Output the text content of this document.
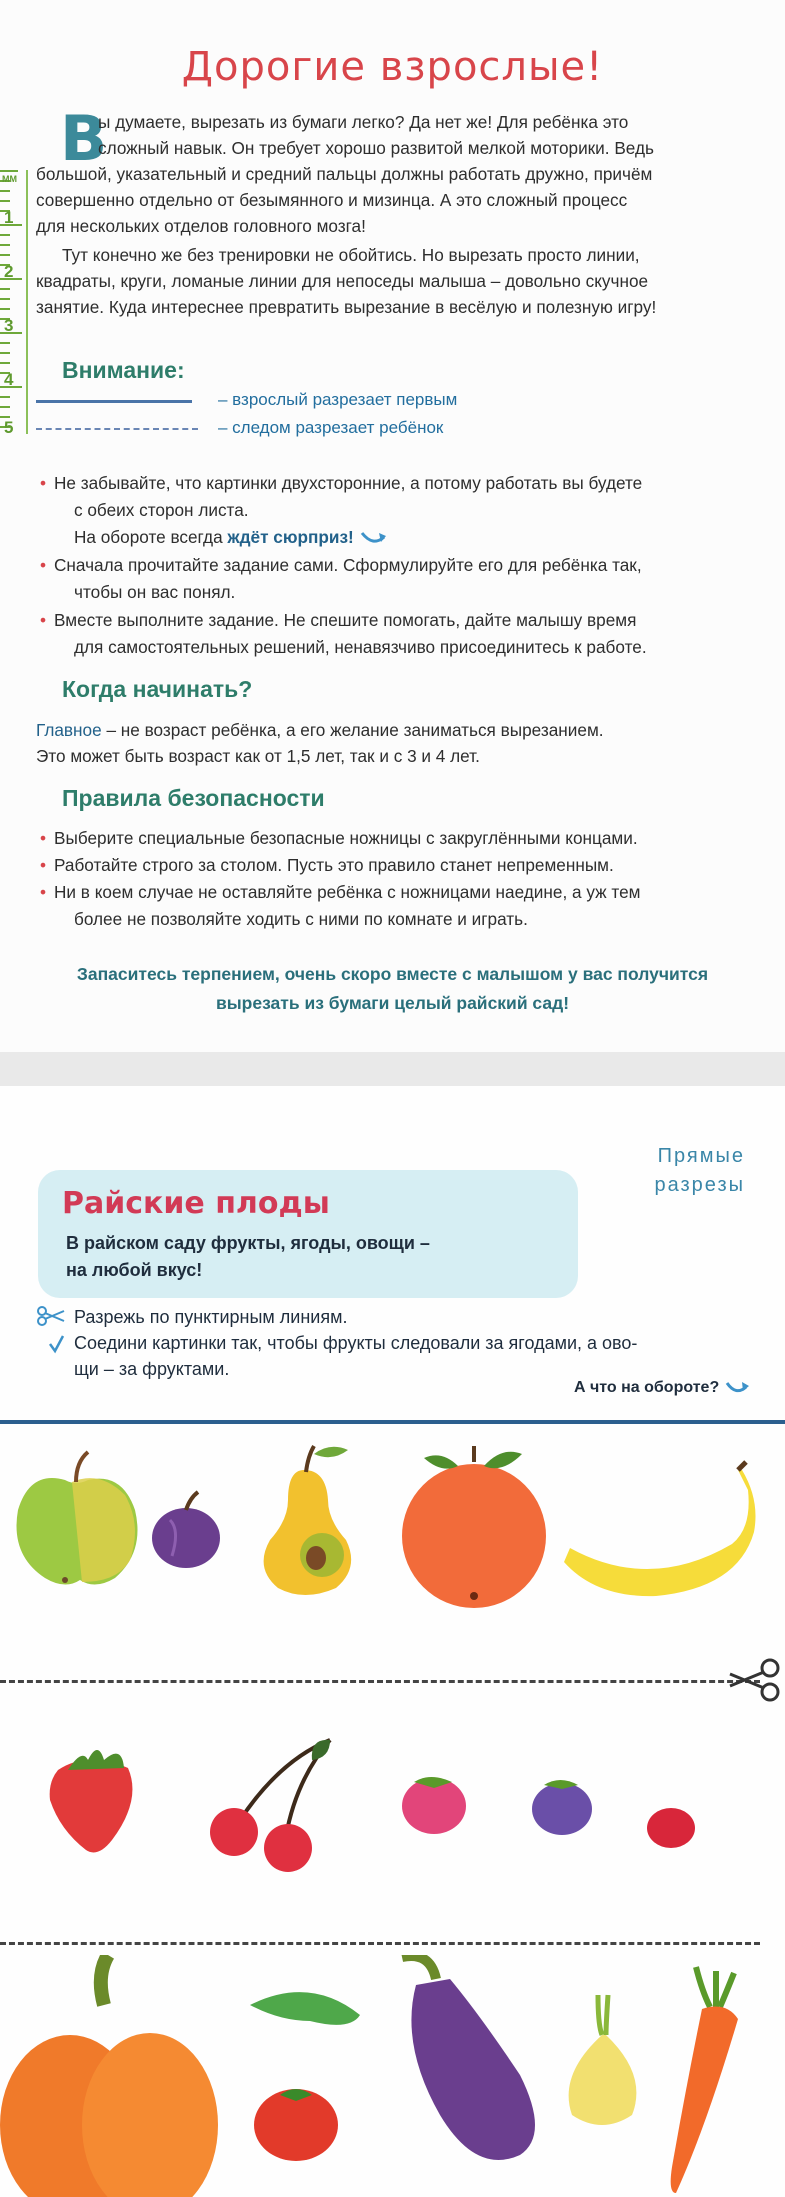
Дорогие взрослые!
В
ы думаете, вырезать из бумаги легко? Да нет же! Для ребёнка это
сложный навык. Он требует хорошо развитой мелкой моторики. Ведь
большой, указательный и средний пальцы должны работать дружно, причём
совершенно отдельно от безымянного и мизинца. А это сложный процесс
для нескольких отделов головного мозга!
Тут конечно же без тренировки не обойтись. Но вырезать просто линии,
квадраты, круги, ломаные линии для непоседы малыша – довольно скучное
занятие. Куда интереснее превратить вырезание в весёлую и полезную игру!
ММ
1
2
3
4
5
Внимание:
– взрослый разрезает первым
– следом разрезает ребёнок
• Не забывайте, что картинки двухсторонние, а потому работать вы будете
с обеих сторон листа.
На обороте всегда ждёт сюрприз!
• Сначала прочитайте задание сами. Сформулируйте его для ребёнка так,
чтобы он вас понял.
• Вместе выполните задание. Не спешите помогать, дайте малышу время
для самостоятельных решений, ненавязчиво присоединитесь к работе.
Когда начинать?
Главное – не возраст ребёнка, а его желание заниматься вырезанием.
Это может быть возраст как от 1,5 лет, так и с 3 и 4 лет.
Правила безопасности
• Выберите специальные безопасные ножницы с закруглёнными концами.
• Работайте строго за столом. Пусть это правило станет непременным.
• Ни в коем случае не оставляйте ребёнка с ножницами наедине, а уж тем
более не позволяйте ходить с ними по комнате и играть.
Запаситесь терпением, очень скоро вместе с малышом у вас получится
вырезать из бумаги целый райский сад!
Прямые
разрезы
Райские плоды
В райском саду фрукты, ягоды, овощи –
на любой вкус!
Разрежь по пунктирным линиям.
Соедини картинки так, чтобы фрукты следовали за ягодами, а ово-
щи – за фруктами.
А что на обороте?
